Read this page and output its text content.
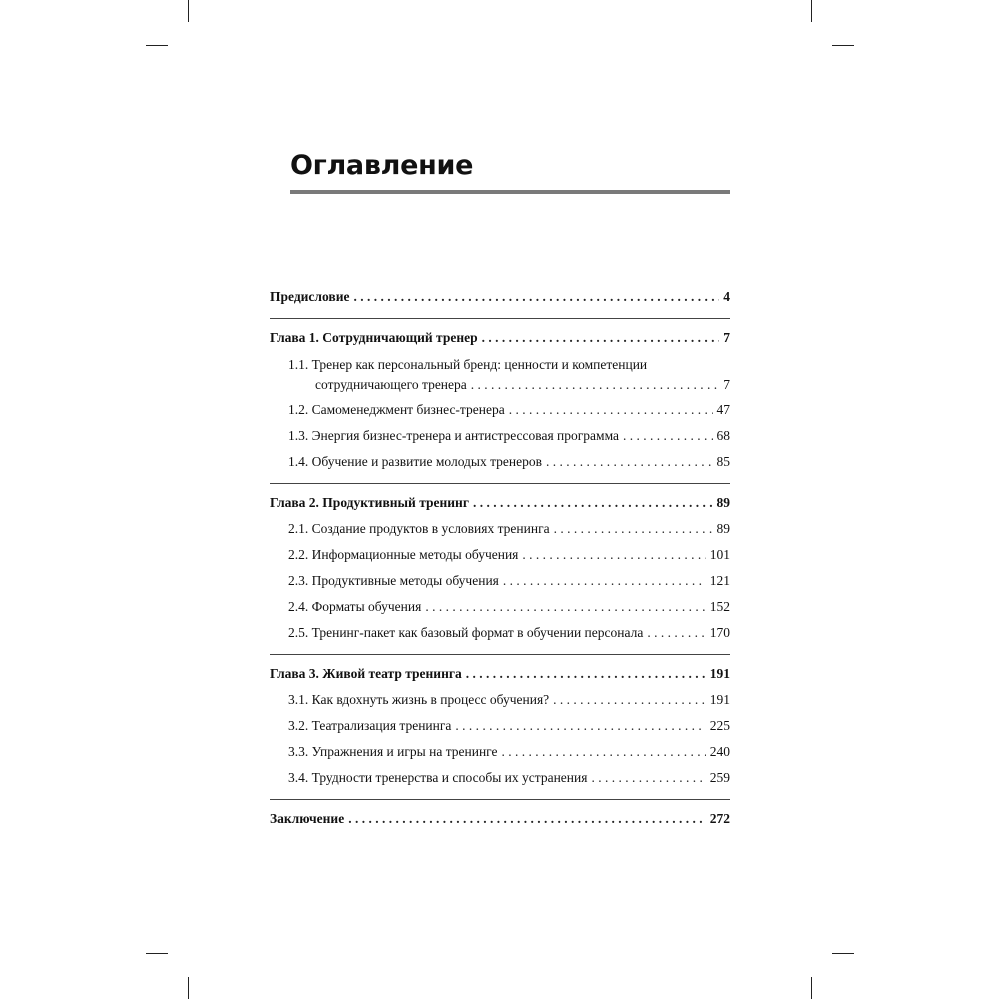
Оглавление
Предисловие . . .	4
Глава 1. Сотрудничающий тренер . . .	7
1.1. Тренер как персональный бренд: ценности и компетенции
сотрудничающего тренера . . .	7
1.2. Самоменеджмент бизнес-тренера . . .	47
1.3. Энергия бизнес-тренера и антистрессовая программа . . .	68
1.4. Обучение и развитие молодых тренеров . . .	85
Глава 2. Продуктивный тренинг . . .	89
2.1. Создание продуктов в условиях тренинга . . .	89
2.2. Информационные методы обучения . . .	101
2.3. Продуктивные методы обучения . . .	121
2.4. Форматы обучения . . .	152
2.5. Тренинг-пакет как базовый формат в обучении персонала . . .	170
Глава 3. Живой театр тренинга . . .	191
3.1. Как вдохнуть жизнь в процесс обучения? . . .	191
3.2. Театрализация тренинга . . .	225
3.3. Упражнения и игры на тренинге . . .	240
3.4. Трудности тренерства и способы их устранения . . .	259
Заключение . . .	272
